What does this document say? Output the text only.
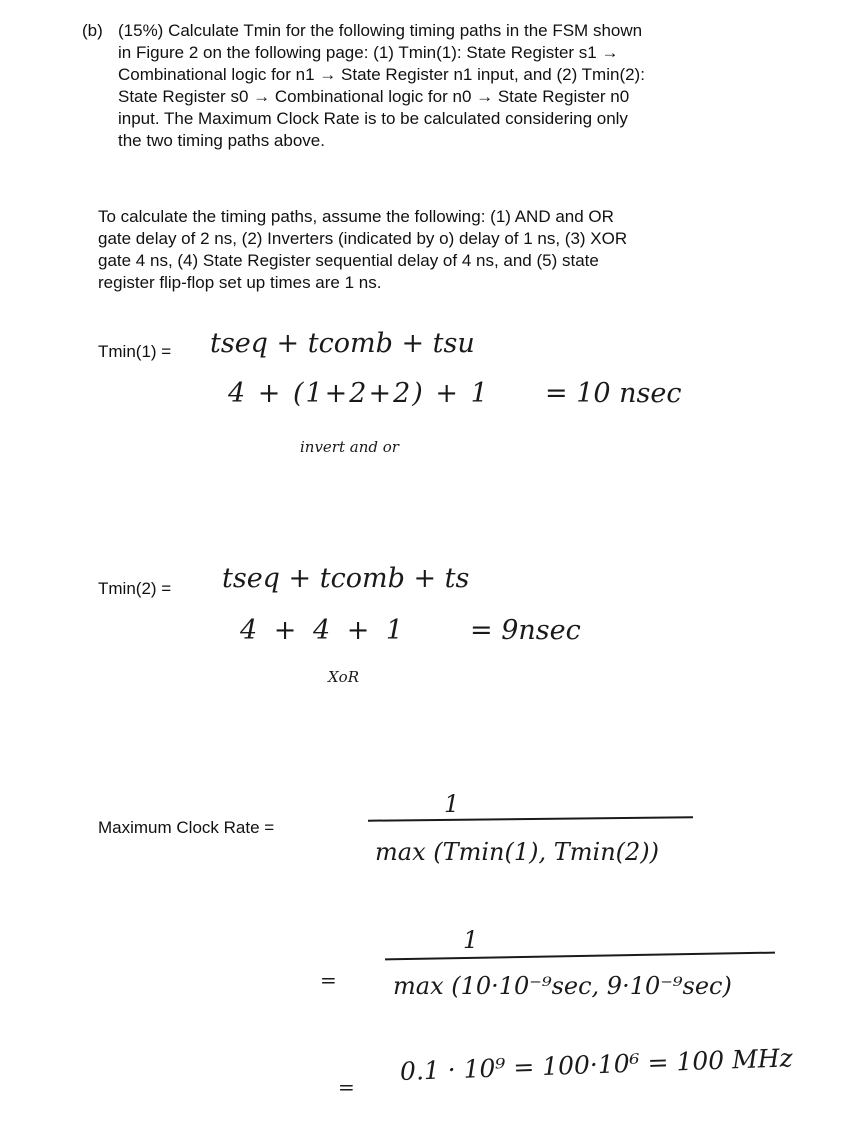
(b) (15%) Calculate Tmin for the following timing paths in the FSM shown
in Figure 2 on the following page: (1) Tmin(1): State Register s1 →
Combinational logic for n1 → State Register n1 input, and (2) Tmin(2):
State Register s0 → Combinational logic for n0 → State Register n0
input. The Maximum Clock Rate is to be calculated considering only
the two timing paths above.
To calculate the timing paths, assume the following: (1) AND and OR
gate delay of 2 ns, (2) Inverters (indicated by o) delay of 1 ns, (3) XOR
gate 4 ns, (4) State Register sequential delay of 4 ns, and (5) state
register flip-flop set up times are 1 ns.
Tmin(1) = tseq + tcomb + tsu
4 + (1+2+2) + 1 = 10 nsec
invert and or
Tmin(2) = tseq + tcomb + ts
4 + 4 + 1 = 9nsec
XoR
Maximum Clock Rate =
1
max (Tmin(1), Tmin(2))
=
1
max (10·10⁻⁹sec, 9·10⁻⁹sec)
=
0.1 · 10⁹ = 100·10⁶ = 100 MHz
